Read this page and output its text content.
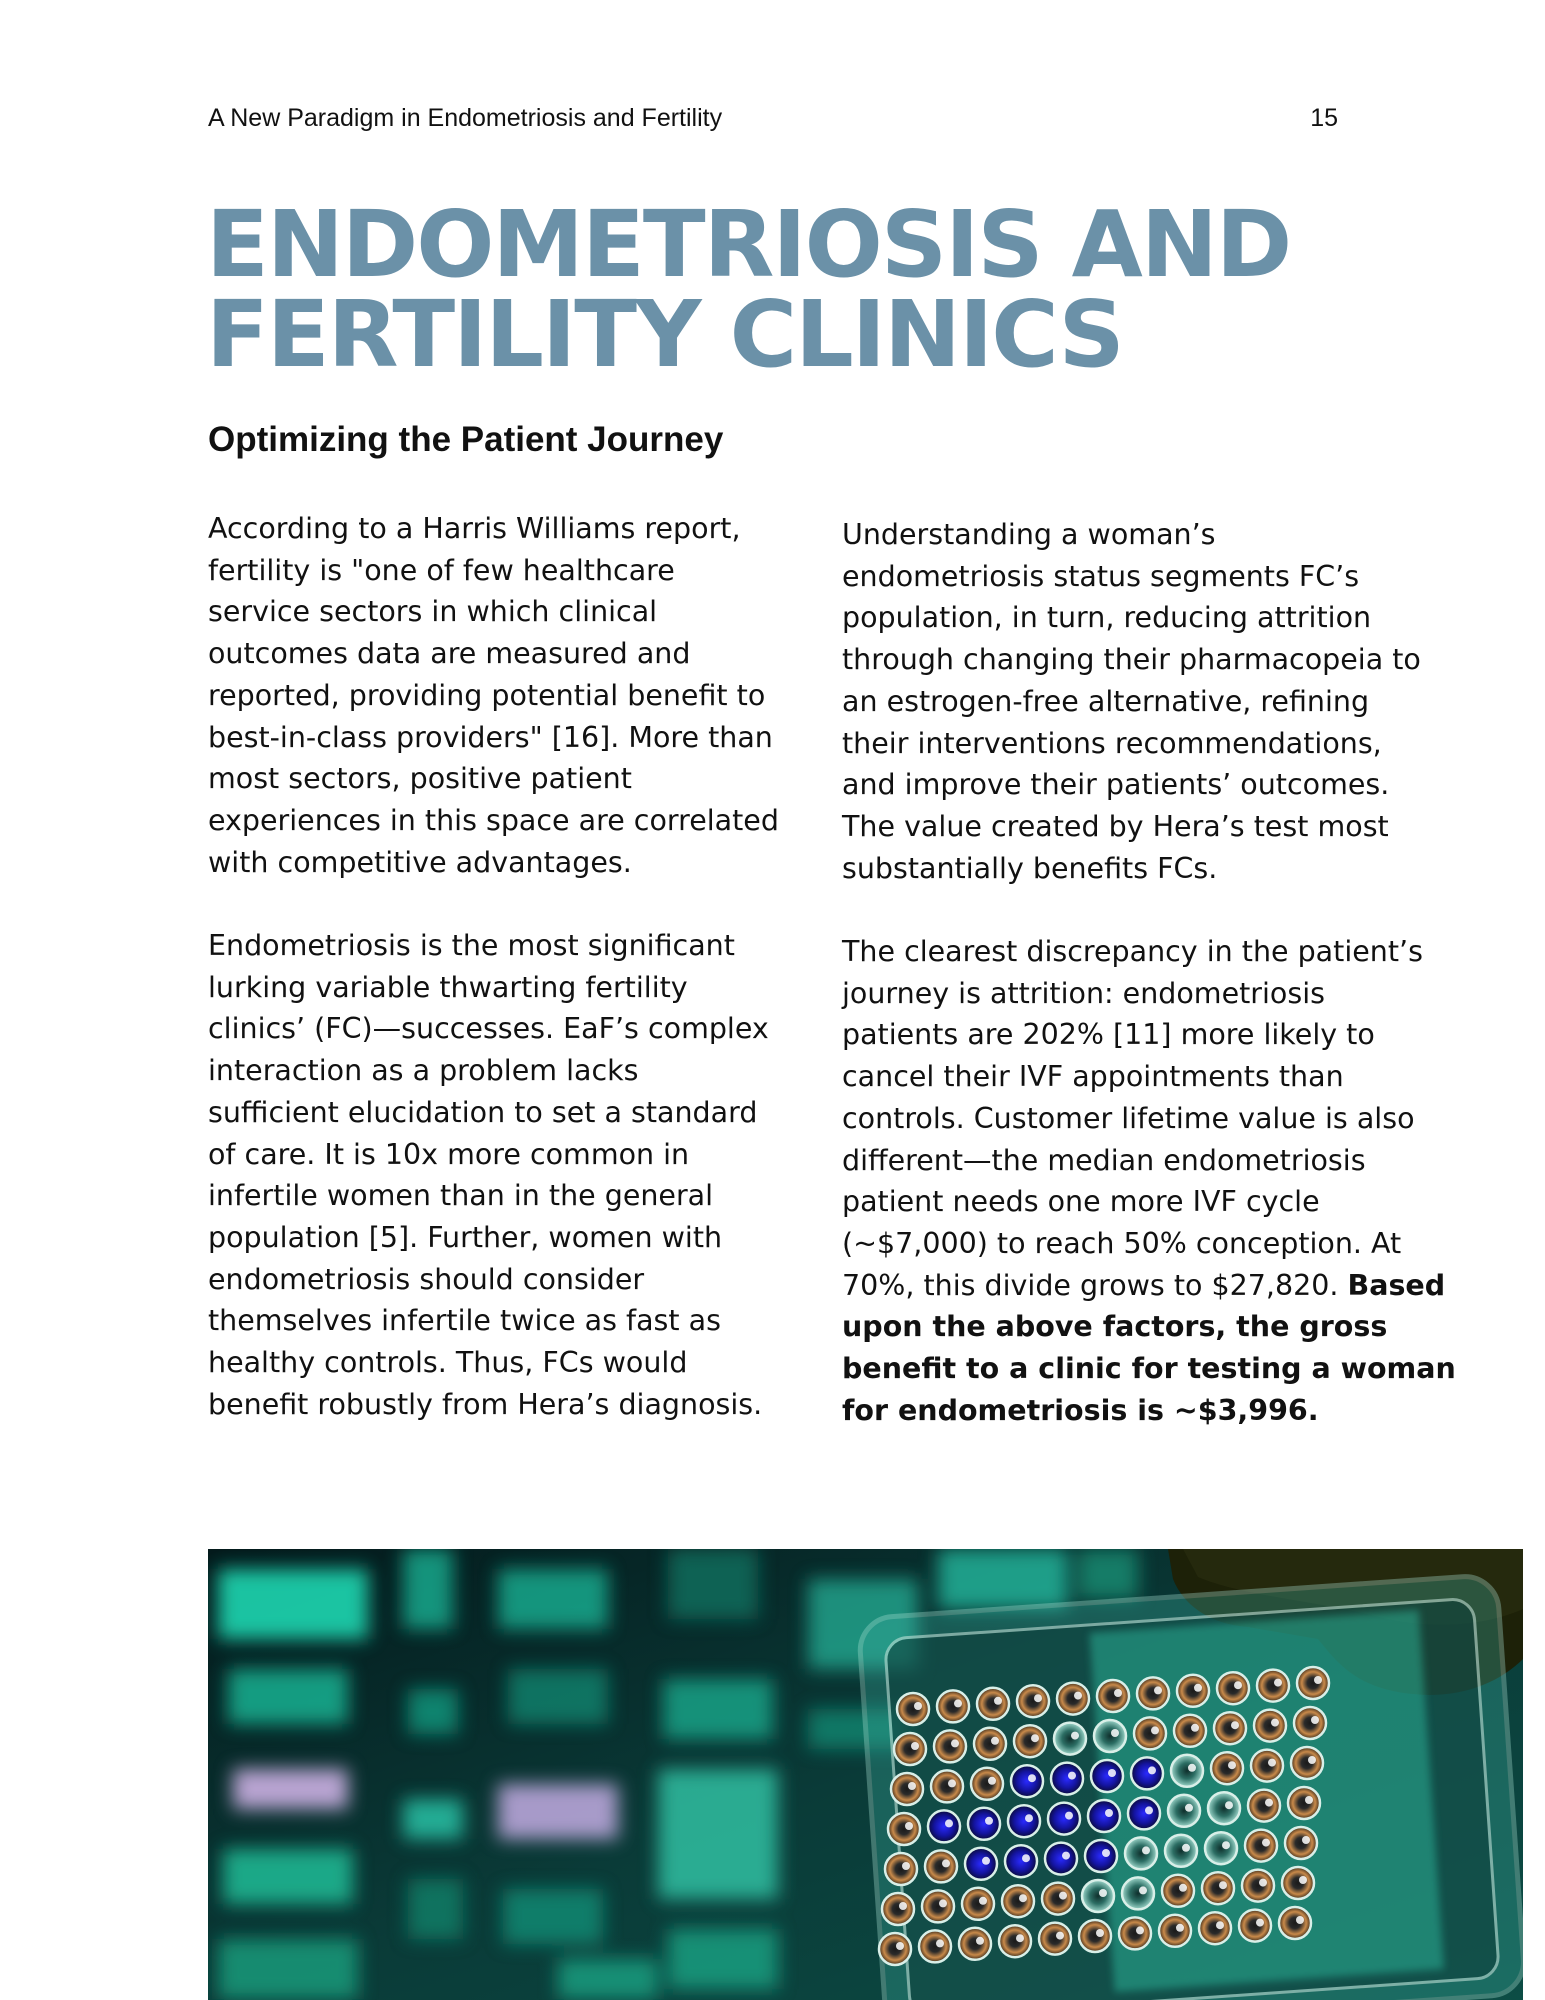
A New Paradigm in Endometriosis and Fertility	15
ENDOMETRIOSIS AND
FERTILITY CLINICS
Optimizing the Patient Journey

According to a Harris Williams report,
fertility is "one of few healthcare
service sectors in which clinical
outcomes data are measured and
reported, providing potential benefit to
best-in-class providers" [16]. More than
most sectors, positive patient
experiences in this space are correlated
with competitive advantages.

Endometriosis is the most significant
lurking variable thwarting fertility
clinics’ (FC)—successes. EaF’s complex
interaction as a problem lacks
sufficient elucidation to set a standard
of care. It is 10x more common in
infertile women than in the general
population [5]. Further, women with
endometriosis should consider
themselves infertile twice as fast as
healthy controls. Thus, FCs would
benefit robustly from Hera’s diagnosis.

Understanding a woman’s
endometriosis status segments FC’s
population, in turn, reducing attrition
through changing their pharmacopeia to
an estrogen-free alternative, refining
their interventions recommendations,
and improve their patients’ outcomes.
The value created by Hera’s test most
substantially benefits FCs.

The clearest discrepancy in the patient’s
journey is attrition: endometriosis
patients are 202% [11] more likely to
cancel their IVF appointments than
controls. Customer lifetime value is also
different—the median endometriosis
patient needs one more IVF cycle
(~$7,000) to reach 50% conception. At
70%, this divide grows to $27,820. Based
upon the above factors, the gross
benefit to a clinic for testing a woman
for endometriosis is ~$3,996.
